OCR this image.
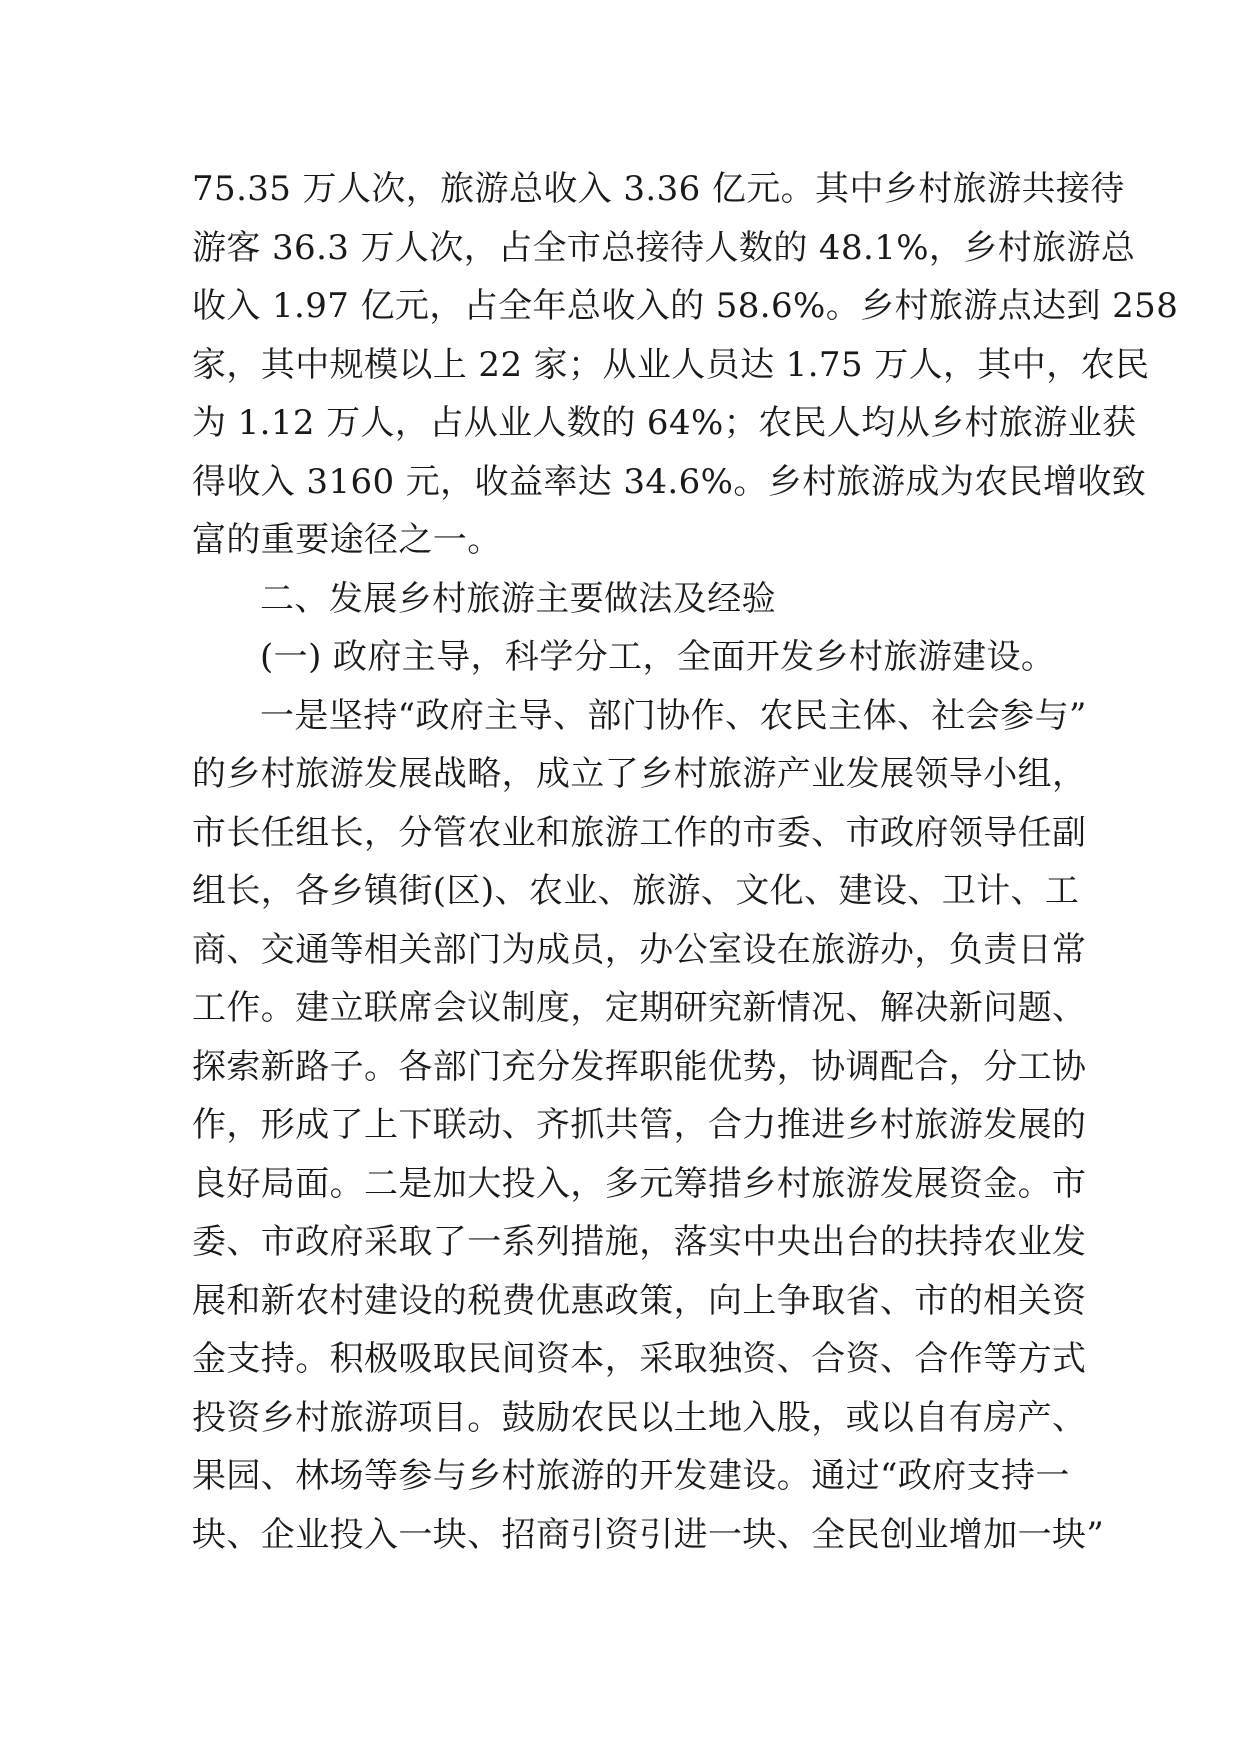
75.35 万人次，旅游总收入 3.36 亿元。其中乡村旅游共接待
游客 36.3 万人次，占全市总接待人数的 48.1%，乡村旅游总
收入 1.97 亿元，占全年总收入的 58.6%。乡村旅游点达到 258
家，其中规模以上 22 家；从业人员达 1.75 万人，其中，农民
为 1.12 万人，占从业人数的 64%；农民人均从乡村旅游业获
得收入 3160 元，收益率达 34.6%。乡村旅游成为农民增收致
富的重要途径之一。
二、发展乡村旅游主要做法及经验
(一) 政府主导，科学分工，全面开发乡村旅游建设。
一是坚持“政府主导、部门协作、农民主体、社会参与”
的乡村旅游发展战略，成立了乡村旅游产业发展领导小组，
市长任组长，分管农业和旅游工作的市委、市政府领导任副
组长，各乡镇街(区)、农业、旅游、文化、建设、卫计、工
商、交通等相关部门为成员，办公室设在旅游办，负责日常
工作。建立联席会议制度，定期研究新情况、解决新问题、
探索新路子。各部门充分发挥职能优势，协调配合，分工协
作，形成了上下联动、齐抓共管，合力推进乡村旅游发展的
良好局面。二是加大投入，多元筹措乡村旅游发展资金。市
委、市政府采取了一系列措施，落实中央出台的扶持农业发
展和新农村建设的税费优惠政策，向上争取省、市的相关资
金支持。积极吸取民间资本，采取独资、合资、合作等方式
投资乡村旅游项目。鼓励农民以土地入股，或以自有房产、
果园、林场等参与乡村旅游的开发建设。通过“政府支持一
块、企业投入一块、招商引资引进一块、全民创业增加一块”
